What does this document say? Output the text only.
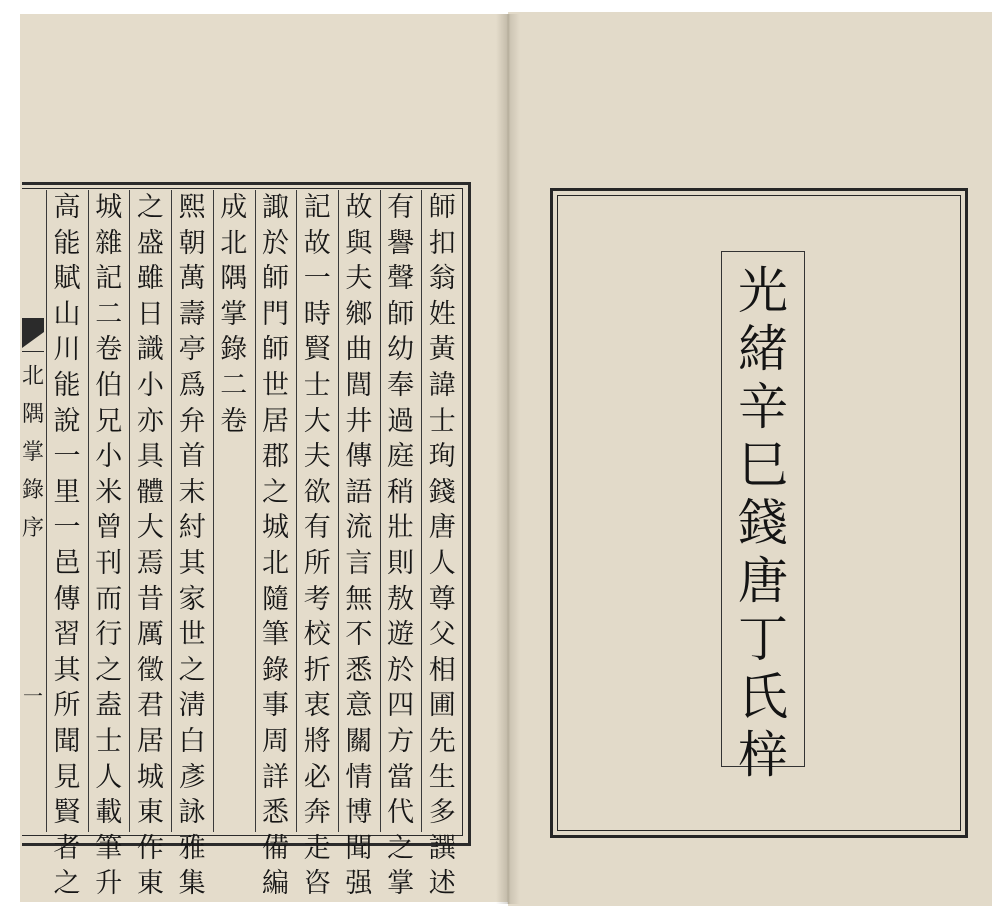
師
扣
翁
姓
黃
諱
士
珣
錢
唐
人
尊
父
相
圃
先
生
多
譔
述
有
譽
聲
師
幼
奉
過
庭
稍
壯
則
敖
遊
於
四
方
當
代
之
掌
故
與
夫
鄉
曲
閭
井
傳
語
流
言
無
不
悉
意
關
情
博
聞
强
記
故
一
時
賢
士
大
夫
欲
有
所
考
校
折
衷
將
必
奔
走
咨
諏
於
師
門
師
世
居
郡
之
城
北
隨
筆
錄
事
周
詳
悉
備
編
成
北
隅
掌
錄
二
卷
熙
朝
萬
壽
亭
爲
弁
首
末
紂
其
家
世
之
淸
白
彥
詠
雅
集
之
盛
雖
日
識
小
亦
具
體
大
焉
昔
厲
徵
君
居
城
東
作
東
城
雜
記
二
卷
伯
兄
小
米
曾
刊
而
行
之
盍
士
人
載
筆
升
高
能
賦
山
川
能
說
一
里
一
邑
傳
習
其
所
聞
見
賢
者
之
北
隅
掌
錄
序
一
光
緒
辛
巳
錢
唐
丁
氏
梓
